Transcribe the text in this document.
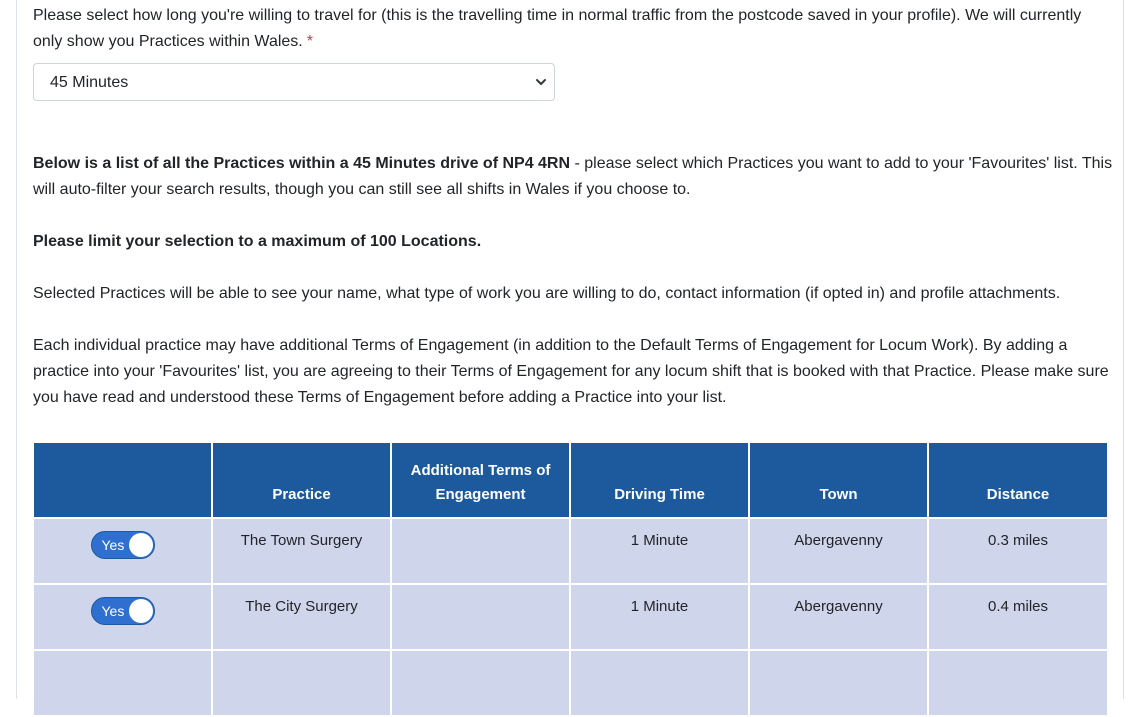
Please select how long you're willing to travel for (this is the travelling time in normal traffic from the postcode saved in your profile). We will currently only show you Practices within Wales. *

45 Minutes

Below is a list of all the Practices within a 45 Minutes drive of NP4 4RN - please select which Practices you want to add to your 'Favourites' list. This will auto-filter your search results, though you can still see all shifts in Wales if you choose to.

Please limit your selection to a maximum of 100 Locations.

Selected Practices will be able to see your name, what type of work you are willing to do, contact information (if opted in) and profile attachments.

Each individual practice may have additional Terms of Engagement (in addition to the Default Terms of Engagement for Locum Work). By adding a practice into your 'Favourites' list, you are agreeing to their Terms of Engagement for any locum shift that is booked with that Practice. Please make sure you have read and understood these Terms of Engagement before adding a Practice into your list.

	Practice	Additional Terms of Engagement	Driving Time	Town	Distance

Yes	The Town Surgery		1 Minute	Abergavenny	0.3 miles

Yes	The City Surgery		1 Minute	Abergavenny	0.4 miles
